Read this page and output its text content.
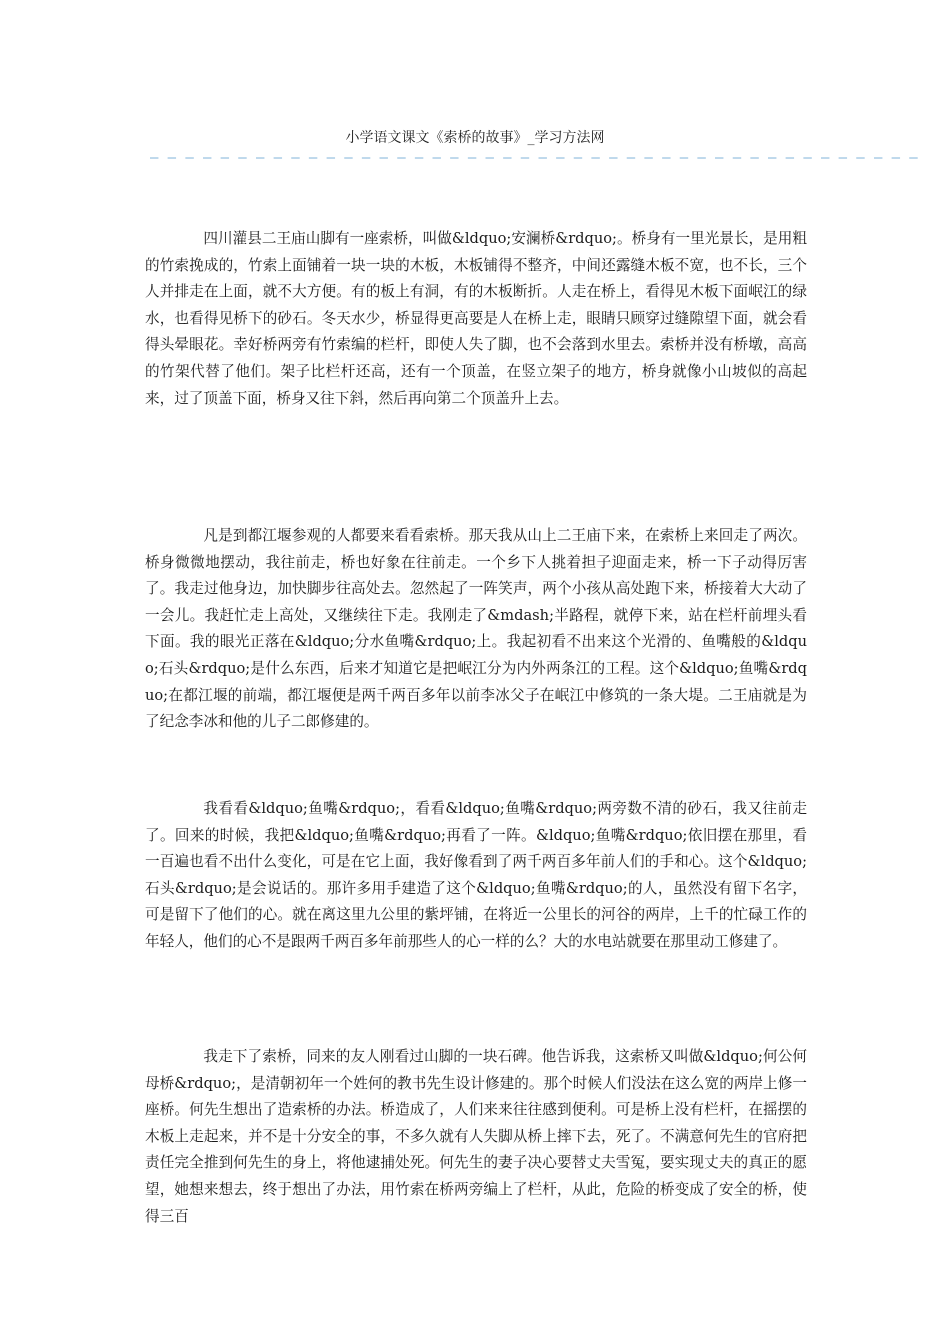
小学语文课文《索桥的故事》_学习方法网
— — — — — — — — — — — — — — — — — — — — — — — — — — — — — — — — — — — — — — — — — — — —

四川灌县二王庙山脚有一座索桥，叫做&ldquo;安澜桥&rdquo;。桥身有一里光景长，是用粗的竹索挽成的，竹索上面铺着一块一块的木板，木板铺得不整齐，中间还露缝木板不宽，也不长，三个人并排走在上面，就不大方便。有的板上有洞，有的木板断折。人走在桥上，看得见木板下面岷江的绿水，也看得见桥下的砂石。冬天水少，桥显得更高要是人在桥上走，眼睛只顾穿过缝隙望下面，就会看得头晕眼花。幸好桥两旁有竹索编的栏杆，即使人失了脚，也不会落到水里去。索桥并没有桥墩，高高的竹架代替了他们。架子比栏杆还高，还有一个顶盖，在竖立架子的地方，桥身就像小山坡似的高起来，过了顶盖下面，桥身又往下斜，然后再向第二个顶盖升上去。

凡是到都江堰参观的人都要来看看索桥。那天我从山上二王庙下来，在索桥上来回走了两次。桥身微微地摆动，我往前走，桥也好象在往前走。一个乡下人挑着担子迎面走来，桥一下子动得厉害了。我走过他身边，加快脚步往高处去。忽然起了一阵笑声，两个小孩从高处跑下来，桥接着大大动了一会儿。我赶忙走上高处，又继续往下走。我刚走了&mdash;半路程，就停下来，站在栏杆前埋头看下面。我的眼光正落在&ldquo;分水鱼嘴&rdquo;上。我起初看不出来这个光滑的、鱼嘴般的&ldquo;石头&rdquo;是什么东西，后来才知道它是把岷江分为内外两条江的工程。这个&ldquo;鱼嘴&rdquo;在都江堰的前端，都江堰便是两千两百多年以前李冰父子在岷江中修筑的一条大堤。二王庙就是为了纪念李冰和他的儿子二郎修建的。

我看看&ldquo;鱼嘴&rdquo;，看看&ldquo;鱼嘴&rdquo;两旁数不清的砂石，我又往前走了。回来的时候，我把&ldquo;鱼嘴&rdquo;再看了一阵。&ldquo;鱼嘴&rdquo;依旧摆在那里，看一百遍也看不出什么变化，可是在它上面，我好像看到了两千两百多年前人们的手和心。这个&ldquo;石头&rdquo;是会说话的。那许多用手建造了这个&ldquo;鱼嘴&rdquo;的人，虽然没有留下名字，可是留下了他们的心。就在离这里九公里的紫坪铺，在将近一公里长的河谷的两岸，上千的忙碌工作的年轻人，他们的心不是跟两千两百多年前那些人的心一样的么？大的水电站就要在那里动工修建了。

我走下了索桥，同来的友人刚看过山脚的一块石碑。他告诉我，这索桥又叫做&ldquo;何公何母桥&rdquo;，是清朝初年一个姓何的教书先生设计修建的。那个时候人们没法在这么宽的两岸上修一座桥。何先生想出了造索桥的办法。桥造成了，人们来来往往感到便利。可是桥上没有栏杆，在摇摆的木板上走起来，并不是十分安全的事，不多久就有人失脚从桥上摔下去，死了。不满意何先生的官府把责任完全推到何先生的身上，将他逮捕处死。何先生的妻子决心要替丈夫雪冤，要实现丈夫的真正的愿望，她想来想去，终于想出了办法，用竹索在桥两旁编上了栏杆，从此，危险的桥变成了安全的桥，使得三百
